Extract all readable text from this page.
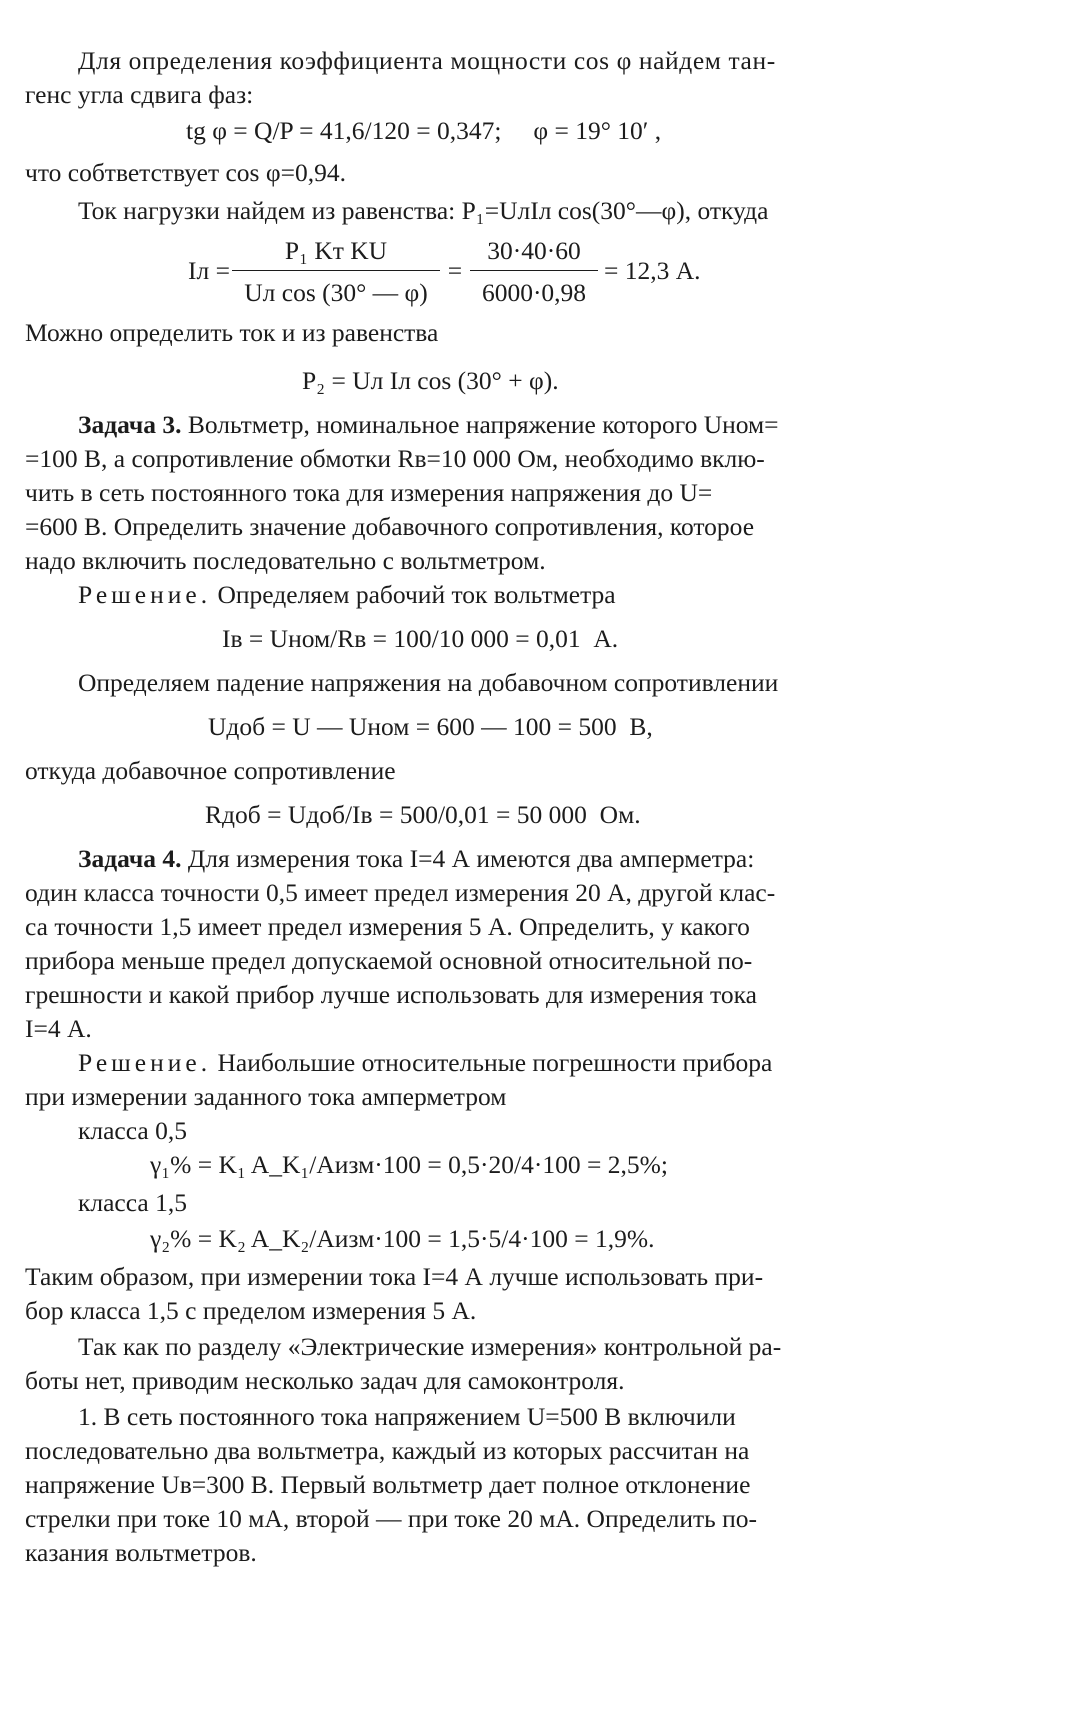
Для определения коэффициента мощности cos φ найдем тан-
генс угла сдвига фаз:
tg φ = Q/P = 41,6/120 = 0,347;     φ = 19° 10′ ,
что собтветствует cos φ=0,94.
Ток нагрузки найдем из равенства: P₁=UлIл cos(30°—φ), откуда
Iл =
P₁ Kт KU
Uл cos (30° — φ)
=
30·40·60
6000·0,98
= 12,3 А.
Можно определить ток и из равенства
P₂ = Uл Iл cos (30° + φ).
Задача 3. Вольтметр, номинальное напряжение которого Uном=
=100 В, а сопротивление обмотки Rв=10 000 Ом, необходимо вклю-
чить в сеть постоянного тока для измерения напряжения до U=
=600 В. Определить значение добавочного сопротивления, которое
надо включить последовательно с вольтметром.
Решение. Определяем рабочий ток вольтметра
Iв = Uном/Rв = 100/10 000 = 0,01  А.
Определяем падение напряжения на добавочном сопротивлении
Uдоб = U — Uном = 600 — 100 = 500  В,
откуда добавочное сопротивление
Rдоб = Uдоб/Iв = 500/0,01 = 50 000  Ом.
Задача 4. Для измерения тока I=4 А имеются два амперметра:
один класса точности 0,5 имеет предел измерения 20 А, другой клас-
са точности 1,5 имеет предел измерения 5 А. Определить, у какого
прибора меньше предел допускаемой основной относительной по-
грешности и какой прибор лучше использовать для измерения тока
I=4 А.
Решение. Наибольшие относительные погрешности прибора
при измерении заданного тока амперметром
класса 0,5
γ₁% = K₁ A_K₁/Aизм·100 = 0,5·20/4·100 = 2,5%;
класса 1,5
γ₂% = K₂ A_K₂/Aизм·100 = 1,5·5/4·100 = 1,9%.
Таким образом, при измерении тока I=4 А лучше использовать при-
бор класса 1,5 с пределом измерения 5 А.
Так как по разделу «Электрические измерения» контрольной ра-
боты нет, приводим несколько задач для самоконтроля.
1. В сеть постоянного тока напряжением U=500 В включили
последовательно два вольтметра, каждый из которых рассчитан на
напряжение Uв=300 В. Первый вольтметр дает полное отклонение
стрелки при токе 10 мА, второй — при токе 20 мА. Определить по-
казания вольтметров.
